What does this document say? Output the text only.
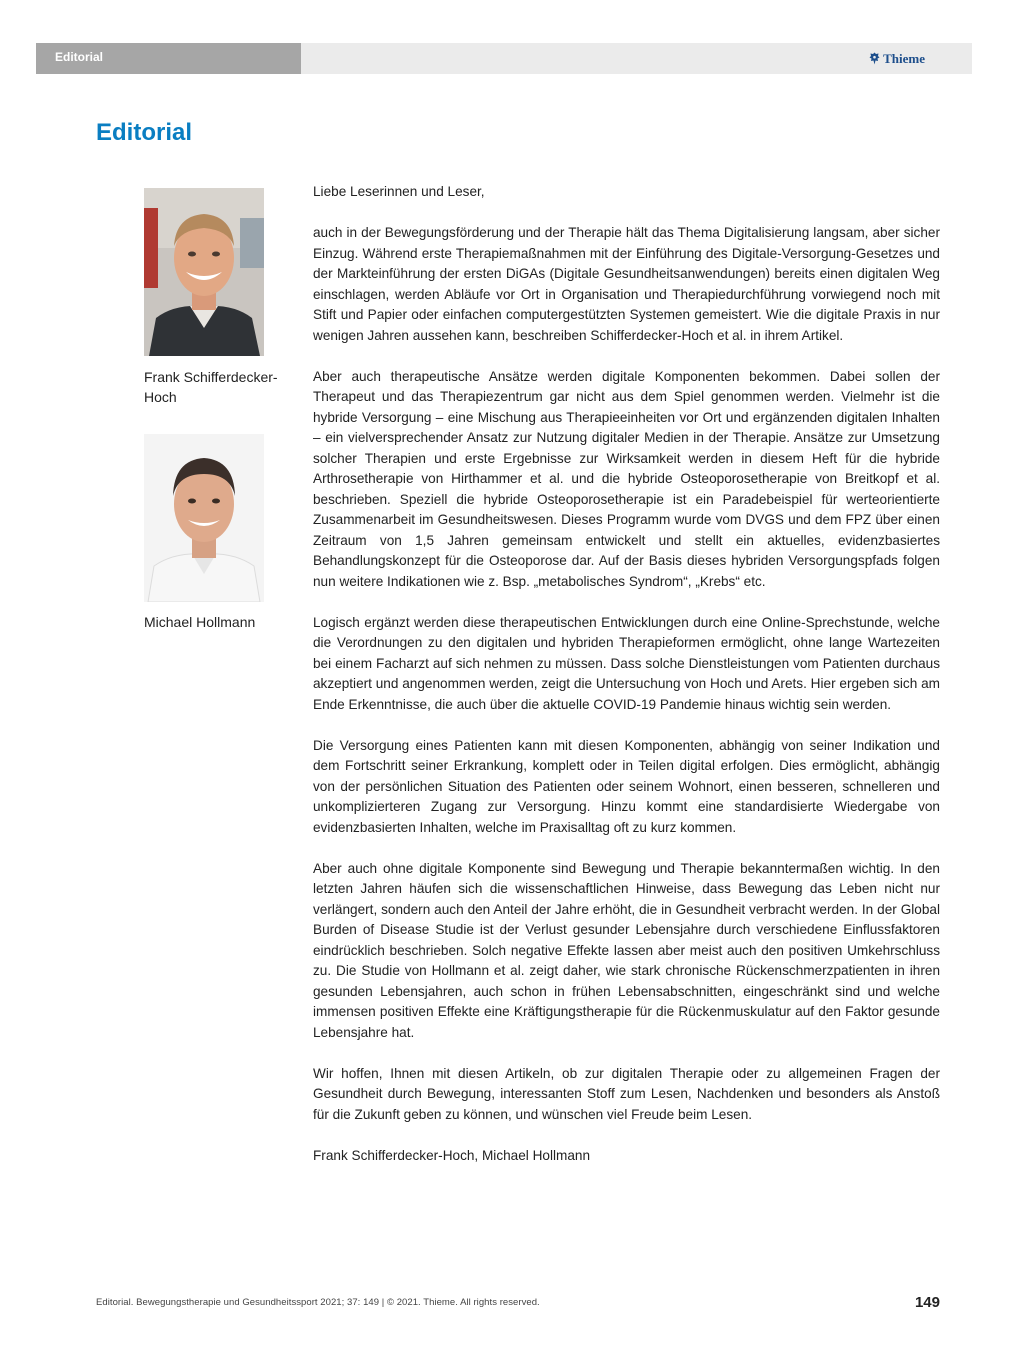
Editorial	Thieme
Editorial
Frank Schifferdecker-Hoch
Michael Hollmann

Liebe Leserinnen und Leser,

auch in der Bewegungsförderung und der Therapie hält das Thema Digitalisierung langsam, aber sicher Einzug. Während erste Therapiemaßnahmen mit der Einführung des Digitale-Versorgung-Gesetzes und der Markteinführung der ersten DiGAs (Digitale Gesundheitsanwendungen) bereits einen digitalen Weg einschlagen, werden Abläufe vor Ort in Organisation und Therapiedurchführung vorwiegend noch mit Stift und Papier oder einfachen computergestützten Systemen gemeistert. Wie die digitale Praxis in nur wenigen Jahren aussehen kann, beschreiben Schifferdecker-Hoch et al. in ihrem Artikel.

Aber auch therapeutische Ansätze werden digitale Komponenten bekommen. Dabei sollen der Therapeut und das Therapiezentrum gar nicht aus dem Spiel genommen werden. Vielmehr ist die hybride Versorgung – eine Mischung aus Therapieeinheiten vor Ort und ergänzenden digitalen Inhalten – ein vielversprechender Ansatz zur Nutzung digitaler Medien in der Therapie. Ansätze zur Umsetzung solcher Therapien und erste Ergebnisse zur Wirksamkeit werden in diesem Heft für die hybride Arthrosetherapie von Hirthammer et al. und die hybride Osteoporosetherapie von Breitkopf et al. beschrieben. Speziell die hybride Osteoporosetherapie ist ein Paradebeispiel für werteorientierte Zusammenarbeit im Gesundheitswesen. Dieses Programm wurde vom DVGS und dem FPZ über einen Zeitraum von 1,5 Jahren gemeinsam entwickelt und stellt ein aktuelles, evidenzbasiertes Behandlungskonzept für die Osteoporose dar. Auf der Basis dieses hybriden Versorgungspfads folgen nun weitere Indikationen wie z. Bsp. „metabolisches Syndrom“, „Krebs“ etc.

Logisch ergänzt werden diese therapeutischen Entwicklungen durch eine Online-Sprechstunde, welche die Verordnungen zu den digitalen und hybriden Therapieformen ermöglicht, ohne lange Wartezeiten bei einem Facharzt auf sich nehmen zu müssen. Dass solche Dienstleistungen vom Patienten durchaus akzeptiert und angenommen werden, zeigt die Untersuchung von Hoch und Arets. Hier ergeben sich am Ende Erkenntnisse, die auch über die aktuelle COVID-19 Pandemie hinaus wichtig sein werden.

Die Versorgung eines Patienten kann mit diesen Komponenten, abhängig von seiner Indikation und dem Fortschritt seiner Erkrankung, komplett oder in Teilen digital erfolgen. Dies ermöglicht, abhängig von der persönlichen Situation des Patienten oder seinem Wohnort, einen besseren, schnelleren und unkomplizierteren Zugang zur Versorgung. Hinzu kommt eine standardisierte Wiedergabe von evidenzbasierten Inhalten, welche im Praxisalltag oft zu kurz kommen.

Aber auch ohne digitale Komponente sind Bewegung und Therapie bekanntermaßen wichtig. In den letzten Jahren häufen sich die wissenschaftlichen Hinweise, dass Bewegung das Leben nicht nur verlängert, sondern auch den Anteil der Jahre erhöht, die in Gesundheit verbracht werden. In der Global Burden of Disease Studie ist der Verlust gesunder Lebensjahre durch verschiedene Einflussfaktoren eindrücklich beschrieben. Solch negative Effekte lassen aber meist auch den positiven Umkehrschluss zu. Die Studie von Hollmann et al. zeigt daher, wie stark chronische Rückenschmerzpatienten in ihren gesunden Lebensjahren, auch schon in frühen Lebensabschnitten, eingeschränkt sind und welche immensen positiven Effekte eine Kräftigungstherapie für die Rückenmuskulatur auf den Faktor gesunde Lebensjahre hat.

Wir hoffen, Ihnen mit diesen Artikeln, ob zur digitalen Therapie oder zu allgemeinen Fragen der Gesundheit durch Bewegung, interessanten Stoff zum Lesen, Nachdenken und besonders als Anstoß für die Zukunft geben zu können, und wünschen viel Freude beim Lesen.

Frank Schifferdecker-Hoch, Michael Hollmann

Editorial. Bewegungstherapie und Gesundheitssport 2021; 37: 149 | © 2021. Thieme. All rights reserved.	149
